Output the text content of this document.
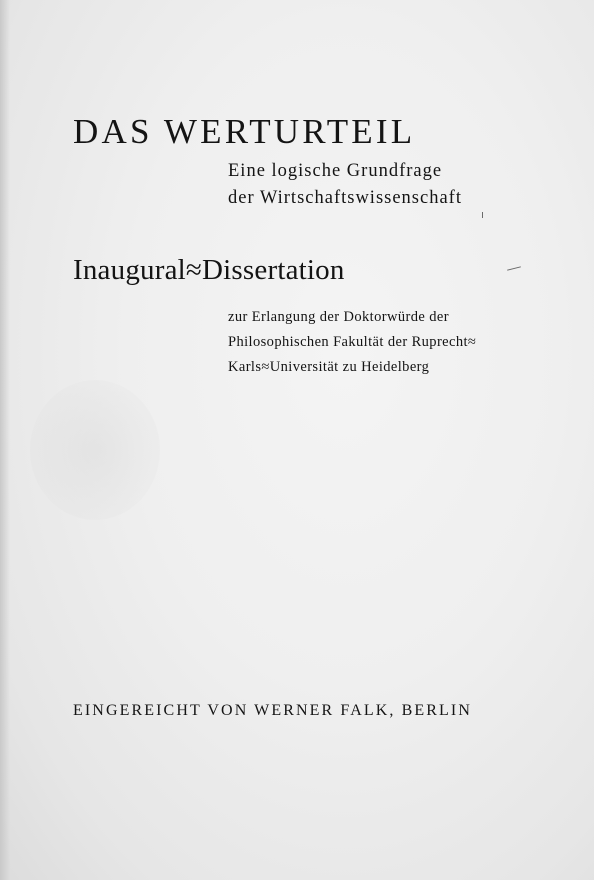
DAS WERTURTEIL
Eine logische Grundfrage
der Wirtschaftswissenschaft
Inaugural≈Dissertation
zur Erlangung der Doktorwürde der
Philosophischen Fakultät der Ruprecht≈
Karls≈Universität zu Heidelberg
EINGEREICHT VON WERNER FALK, BERLIN
